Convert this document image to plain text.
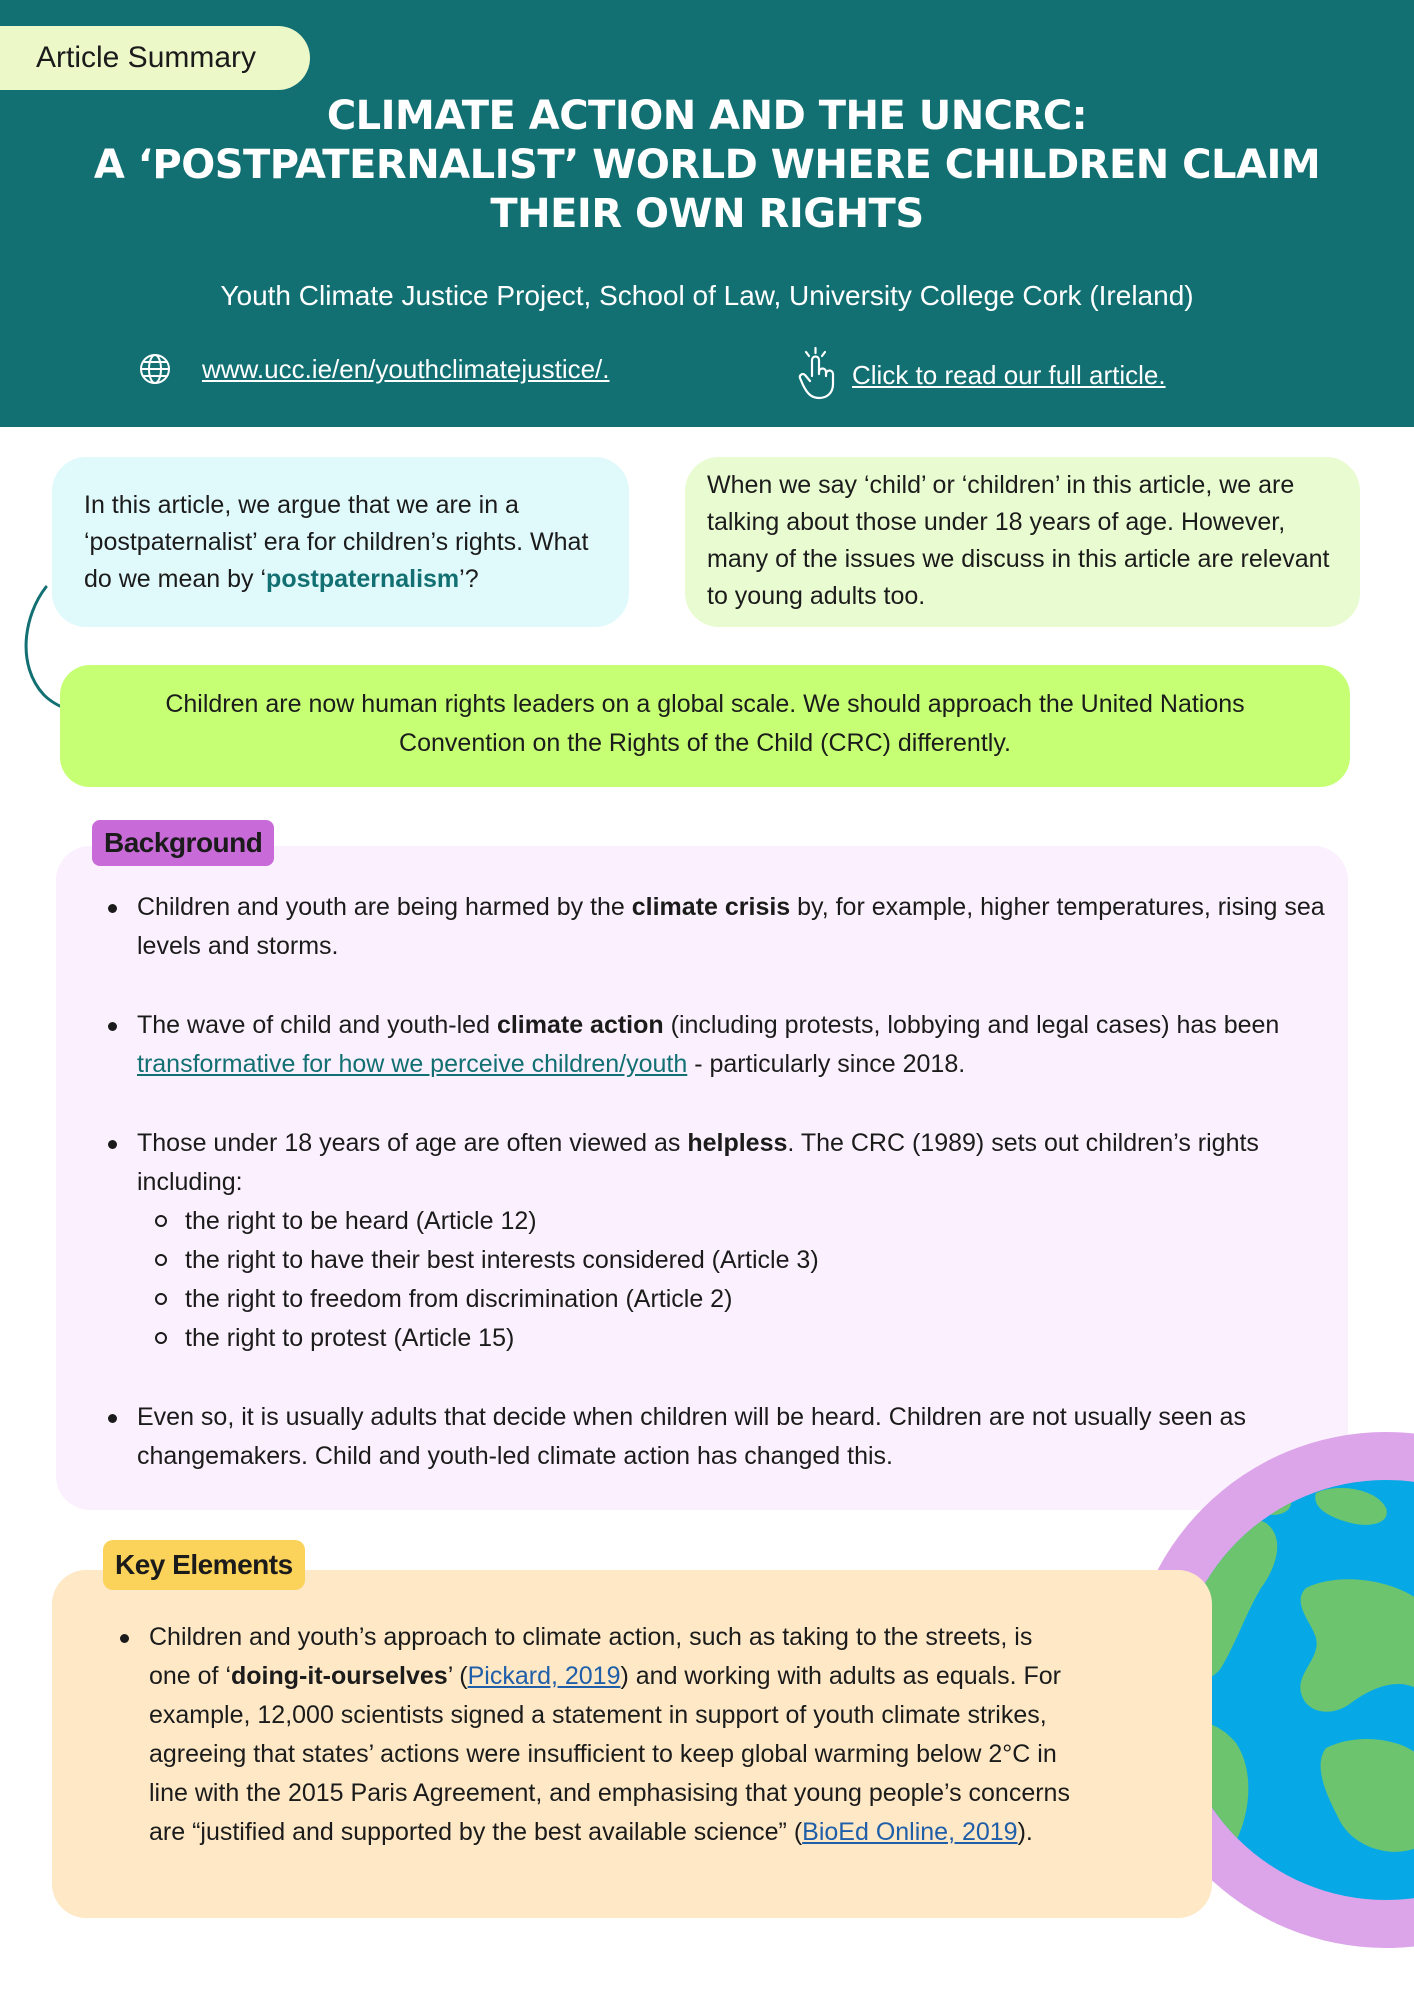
Article Summary
CLIMATE ACTION AND THE UNCRC:
A ‘POSTPATERNALIST’ WORLD WHERE CHILDREN CLAIM
THEIR OWN RIGHTS
Youth Climate Justice Project, School of Law, University College Cork (Ireland)
www.ucc.ie/en/youthclimatejustice/.	Click to read our full article.
In this article, we argue that we are in a ‘postpaternalist’ era for children’s rights. What do we mean by ‘postpaternalism’?
When we say ‘child’ or ‘children’ in this article, we are talking about those under 18 years of age. However, many of the issues we discuss in this article are relevant to young adults too.
Children are now human rights leaders on a global scale. We should approach the United Nations Convention on the Rights of the Child (CRC) differently.
Background
Children and youth are being harmed by the climate crisis by, for example, higher temperatures, rising sea levels and storms.
The wave of child and youth-led climate action (including protests, lobbying and legal cases) has been transformative for how we perceive children/youth - particularly since 2018.
Those under 18 years of age are often viewed as helpless. The CRC (1989) sets out children’s rights including:
the right to be heard (Article 12)
the right to have their best interests considered (Article 3)
the right to freedom from discrimination (Article 2)
the right to protest (Article 15)
Even so, it is usually adults that decide when children will be heard. Children are not usually seen as changemakers. Child and youth-led climate action has changed this.
Key Elements
Children and youth’s approach to climate action, such as taking to the streets, is one of ‘doing-it-ourselves’ (Pickard, 2019) and working with adults as equals. For example, 12,000 scientists signed a statement in support of youth climate strikes, agreeing that states’ actions were insufficient to keep global warming below 2°C in line with the 2015 Paris Agreement, and emphasising that young people’s concerns are “justified and supported by the best available science” (BioEd Online, 2019).
